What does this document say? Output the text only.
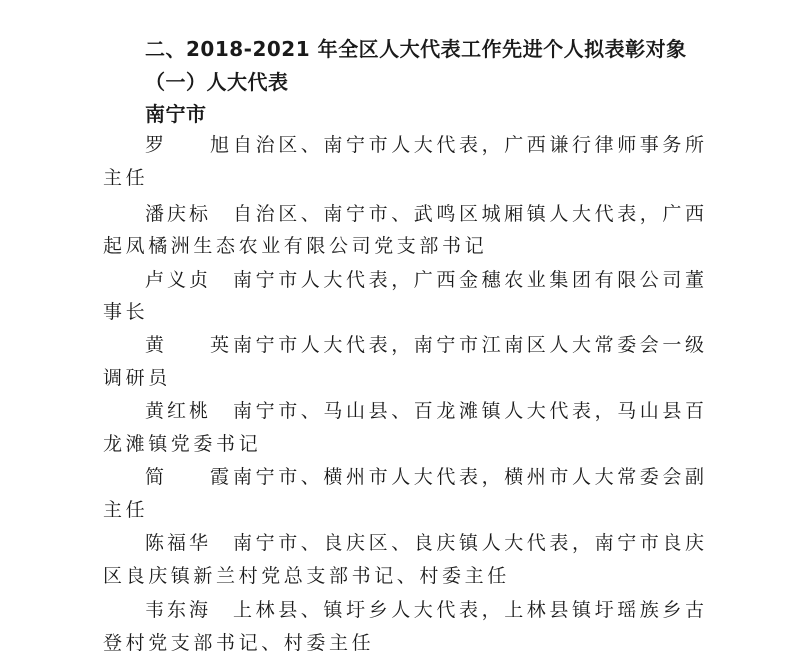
二、2018-2021 年全区人大代表工作先进个人拟表彰对象
（一）人大代表
南宁市
罗 旭自治区、南宁市人大代表，广西谦行律师事务所
主任
潘庆标 自治区、南宁市、武鸣区城厢镇人大代表，广西
起凤橘洲生态农业有限公司党支部书记
卢义贞 南宁市人大代表，广西金穗农业集团有限公司董
事长
黄 英南宁市人大代表，南宁市江南区人大常委会一级
调研员
黄红桃 南宁市、马山县、百龙滩镇人大代表，马山县百
龙滩镇党委书记
简 霞南宁市、横州市人大代表，横州市人大常委会副
主任
陈福华 南宁市、良庆区、良庆镇人大代表，南宁市良庆
区良庆镇新兰村党总支部书记、村委主任
韦东海 上林县、镇圩乡人大代表，上林县镇圩瑶族乡古
登村党支部书记、村委主任
